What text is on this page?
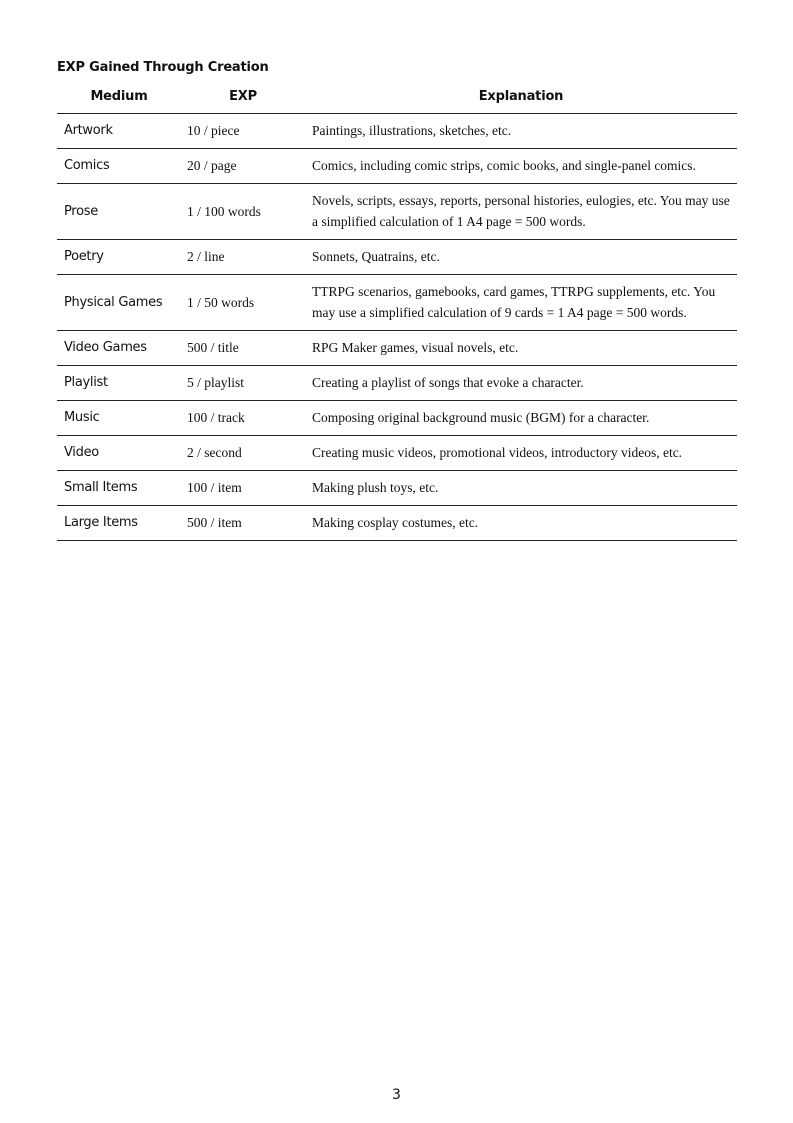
EXP Gained Through Creation
Medium	EXP	Explanation
Artwork	10 / piece	Paintings, illustrations, sketches, etc.
Comics	20 / page	Comics, including comic strips, comic books, and single-panel comics.
Prose	1 / 100 words	Novels, scripts, essays, reports, personal histories, eulogies, etc. You may use a simplified calculation of 1 A4 page = 500 words.
Poetry	2 / line	Sonnets, Quatrains, etc.
Physical Games	1 / 50 words	TTRPG scenarios, gamebooks, card games, TTRPG supplements, etc. You may use a simplified calculation of 9 cards = 1 A4 page = 500 words.
Video Games	500 / title	RPG Maker games, visual novels, etc.
Playlist	5 / playlist	Creating a playlist of songs that evoke a character.
Music	100 / track	Composing original background music (BGM) for a character.
Video	2 / second	Creating music videos, promotional videos, introductory videos, etc.
Small Items	100 / item	Making plush toys, etc.
Large Items	500 / item	Making cosplay costumes, etc.
3
